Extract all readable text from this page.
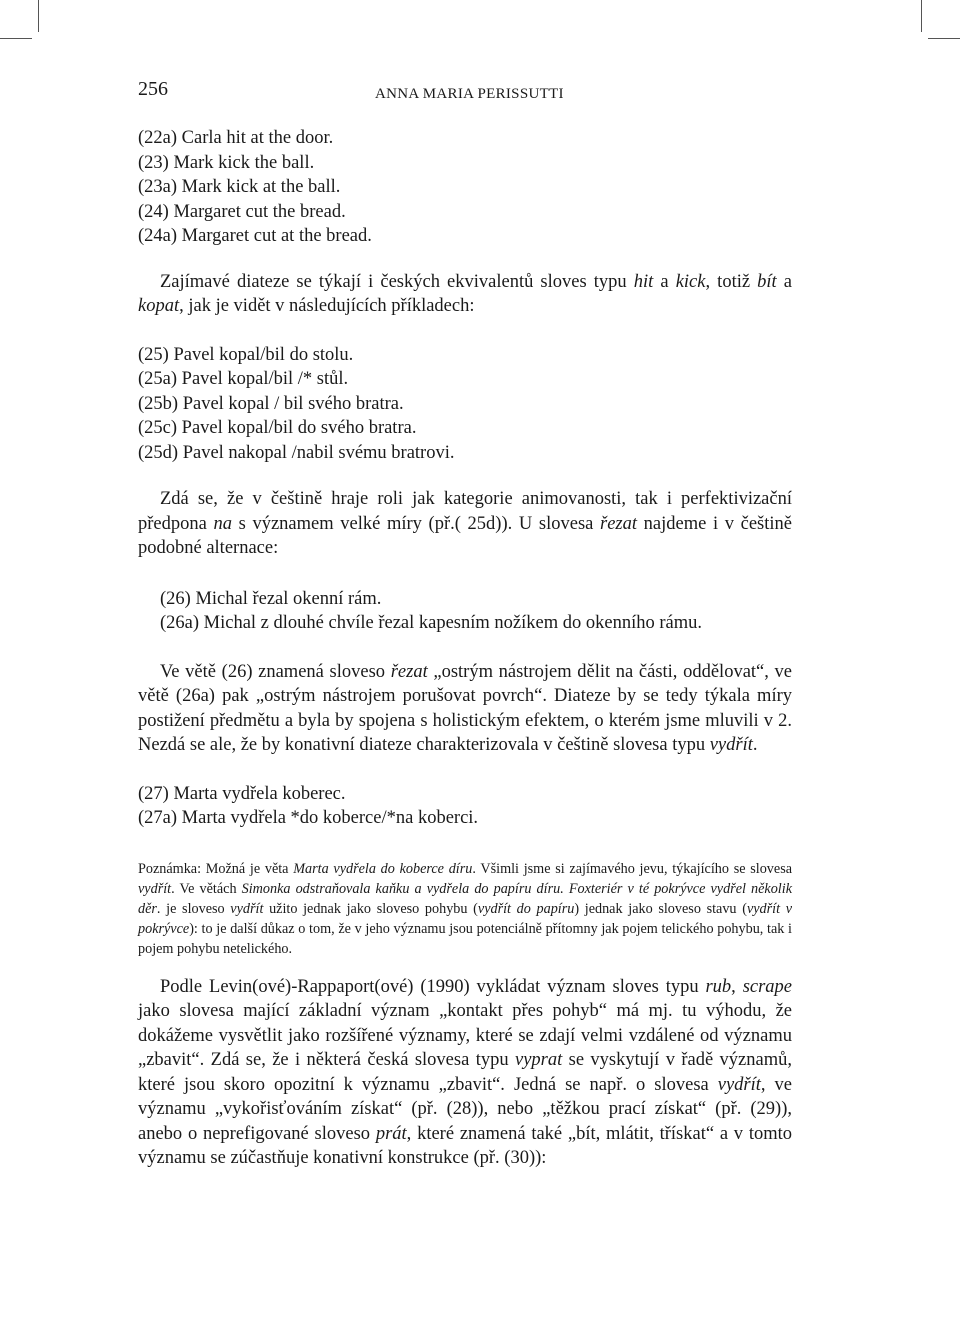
256	ANNA MARIA PERISSUTTI
(22a) Carla hit at the door.
(23) Mark kick the ball.
(23a) Mark kick at the ball.
(24) Margaret cut the bread.
(24a) Margaret cut at the bread.

Zajímavé diateze se týkají i českých ekvivalentů sloves typu hit a kick, totiž bít a kopat, jak je vidět v následujících příkladech:

(25) Pavel kopal/bil do stolu.
(25a) Pavel kopal/bil /* stůl.
(25b) Pavel kopal / bil svého bratra.
(25c) Pavel kopal/bil do svého bratra.
(25d) Pavel nakopal /nabil svému bratrovi.

Zdá se, že v češtině hraje roli jak kategorie animovanosti, tak i perfektivizační předpona na s významem velké míry (př.( 25d)). U slovesa řezat najdeme i v češtině podobné alternace:

(26) Michal řezal okenní rám.
(26a) Michal z dlouhé chvíle řezal kapesním nožíkem do okenního rámu.

Ve větě (26) znamená sloveso řezat „ostrým nástrojem dělit na části, oddělovat“, ve větě (26a) pak „ostrým nástrojem porušovat povrch“. Diateze by se tedy týkala míry postižení předmětu a byla by spojena s holistickým efektem, o kterém jsme mluvili v 2. Nezdá se ale, že by konativní diateze charakterizovala v češtině slovesa typu vydřít.

(27) Marta vydřela koberec.
(27a) Marta vydřela *do koberce/*na koberci.

Poznámka: Možná je věta Marta vydřela do koberce díru. Všimli jsme si zajímavého jevu, týkajícího se slovesa vydřít. Ve větách Simonka odstraňovala kaňku a vydřela do papíru díru. Foxteriér v té pokrývce vydřel několik děr. je sloveso vydřít užito jednak jako sloveso pohybu (vydřít do papíru) jednak jako sloveso stavu (vydřít v pokrývce): to je další důkaz o tom, že v jeho významu jsou potenciálně přítomny jak pojem telického pohybu, tak i pojem pohybu netelického.

Podle Levin(ové)-Rappaport(ové) (1990) vykládat význam sloves typu rub, scrape jako slovesa mající základní význam „kontakt přes pohyb“ má mj. tu výhodu, že dokážeme vysvětlit jako rozšířené významy, které se zdají velmi vzdálené od významu „zbavit“. Zdá se, že i některá česká slovesa typu vyprat se vyskytují v řadě významů, které jsou skoro opozitní k významu „zbavit“. Jedná se např. o slovesa vydřít, ve významu „vykořisťováním získat“ (př. (28)), nebo „těžkou prací získat“ (př. (29)), anebo o neprefigované sloveso prát, které znamená také „bít, mlátit, třískat“ a v tomto významu se zúčastňuje konativní konstrukce (př. (30)):
